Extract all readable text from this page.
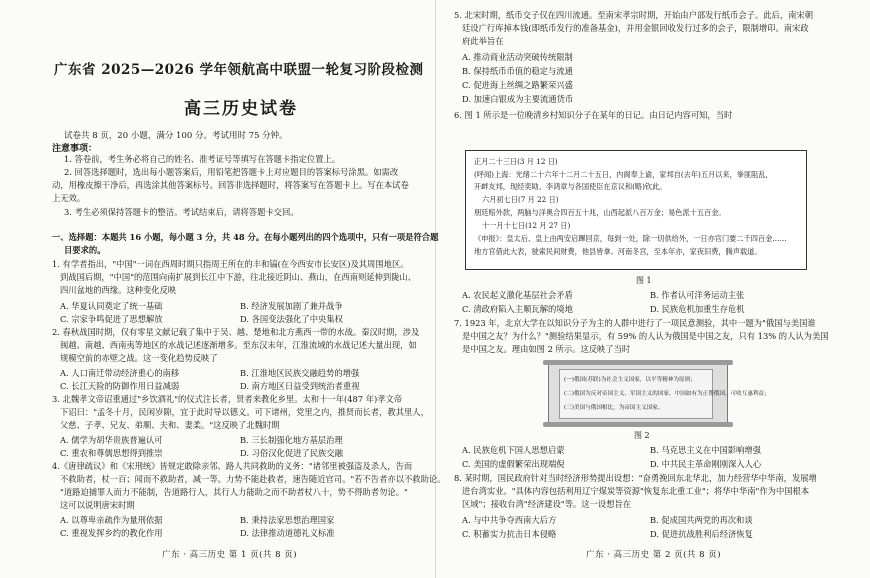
广东省 2025—2026 学年领航高中联盟一轮复习阶段检测
高三历史试卷
试卷共 8 页，20 小题，满分 100 分。考试用时 75 分钟。
注意事项：
1. 答卷前，考生务必将自己的姓名、准考证号等填写在答题卡指定位置上。
2. 回答选择题时，选出每小题答案后，用铅笔把答题卡上对应题目的答案标号涂黑。如需改
动，用橡皮擦干净后，再选涂其他答案标号。回答非选择题时，将答案写在答题卡上。写在本试卷
上无效。
3. 考生必须保持答题卡的整洁。考试结束后，请将答题卡交回。
一、选择题：本题共 16 小题，每小题 3 分，共 48 分。在每小题列出的四个选项中，只有一项是符合题
目要求的。
1. 有学者指出，"中国"一词在西周时期只指周王所在的丰和镐(在今西安市长安区)及其周围地区。
到战国后期，"中国"的范围向南扩展到长江中下游，往北接近阴山、燕山，在西南则延伸到陇山、
四川盆地的西缘。这种变化反映
A. 华夏认同奠定了统一基础	B. 经济发展加剧了兼并战争
C. 宗家争鸣促进了思想解放	D. 各国变法强化了中央集权
2. 春秋战国时期，仅有零星文献记载了集中于吴、越、楚地和北方燕西一带的水战。秦汉时期，涉及
闽越、南越、西南夷等地区的水战记述逐渐增多。至东汉末年，江淮流域的水战记述大量出现，如
规模空前的赤壁之战。这一变化趋势反映了
A. 人口南迁带动经济重心的南移	B. 江淮地区民族交融趋势的增强
C. 长江天险的防御作用日益减弱	D. 南方地区日益受到统治者重视
3. 北魏孝文帝诏重通过"乡饮酒礼"的仪式注长者，贤者来教化乡里。太和十一年(487 年)孝文帝
下诏曰："孟冬十月，民闲岁隙，宜于此时导以德义。可下诸州，党里之内，推贤而长者，教其里人，
父慈、子孝、兄友、弟顺、夫和、妻柔。"这反映了北魏时期
A. 儒学为胡华贵族普遍认可	B. 三长制强化地方基层治理
C. 重农和尊儒思想得到推崇	D. 习俗汉化促进了民族交融
4.《唐律疏议》和《宋刑统》皆规定敢除亲邻、路人共同救助的义务："诸邻里被强盗及杀人，告而
不救助者，杖一百；闻而不救助者，减一等。力势不能赴救者，速告随近官司。"若不告者亦以不救助论。
"道路迫捕罪人而力不能制，告道路行人，其行人力能助之而不助者杖八十，势不得助者勿论。"
这可以说明唐宋时期
A. 以尊卑亲疏作为量刑依据	B. 秉持法家思想治理国家
C. 重视发挥乡约的教化作用	D. 法律推动道德礼义标准
广东 · 高三历史 第 1 页(共 8 页)
5. 北宋时期，纸币交子仅在四川流通。至南宋孝宗时期，开始由户部发行纸币会子。此后，南宋朝
廷设广行库掉本钱(即纸币发行的准备基金)，并用金银回收发行过多的会子，限制增印。南宋政
府此举旨在
A. 推动商业活动突破传统限制
B. 保持纸币币值的稳定与流通
C. 促进海上丝绸之路繁荣兴盛
D. 加速白银成为主要流通货币
6. 图 1 所示是一位晚清乡村知识分子在某年的日记。由日记内容可知，当时
正月二十三日(3 月 12 日)
(呼闻)上海：光绪二十六年十二月二十五日，内阁奉上谕，家邦自(去年)五月以来，拳匪阻乱，
开衅友邦，现经奕劻、李鸿章与各国使臣在京议和(略)钦此。
六月初七日(7 月 22 日)
朋廷赔外款，两脑与洋奥合四百五十兆，山西起派八百万金；易色派十五百金。
十一月十七日(12 月 27 日)
《申报》：皇太后、皇上由两安启蹕回京，每到一处，除一切供给外，一日亦官门要二千四百金……
地方官借此大表，驶索民间财费，他县皆拿。河南冬宫，至本年亦，家夜旧费，腾声载道。
图 1
A. 农民起义激化基层社会矛盾	B. 作者认可洋务运动主张
C. 清政府陷入主顺瓦解的境地	D. 民族危机加重生存危机
7. 1923 年，北京大学在以知识分子为主的人群中进行了一项民意测验，其中一题为"俄国与美国谁
是中国之友？为什么？"测验结果显示，有 59% 的人认为俄国是中国之友，只有 13% 的人认为美国
是中国之友。理由如图 2 所示。这反映了当时
(一)俄国(苏联)为社会主义国家，以平等精神为原则；
(二)俄国为反对帝国主义、军国主义的国家，中国如有为正帮俄国，可收互惠利益；
(三)美国与俄国相比，为帝国主义国家。
图 2
A. 民族危机下国人思想启蒙	B. 马克思主义在中国影响增强
C. 美国的虚假繁荣出现端倪	D. 中共民主革命刚刚深入人心
8. 某时期，国民政府针对当时经济形势提出设想："奋勇挽回东北华北，加力经营华中华南，发展增
进台湾实业。"具体内容包括利用辽宁煤炭等资源"恢复东北重工业"；将华中华南"作为中国根本
区域"；接收台湾"经济建设"等。这一设想旨在
A. 与中共争夺西南大后方	B. 促成国共两党的再次和谈
C. 积蓄实力抗击日本侵略	D. 促进抗战胜利后经济恢复
广东 · 高三历史 第 2 页(共 8 页)
